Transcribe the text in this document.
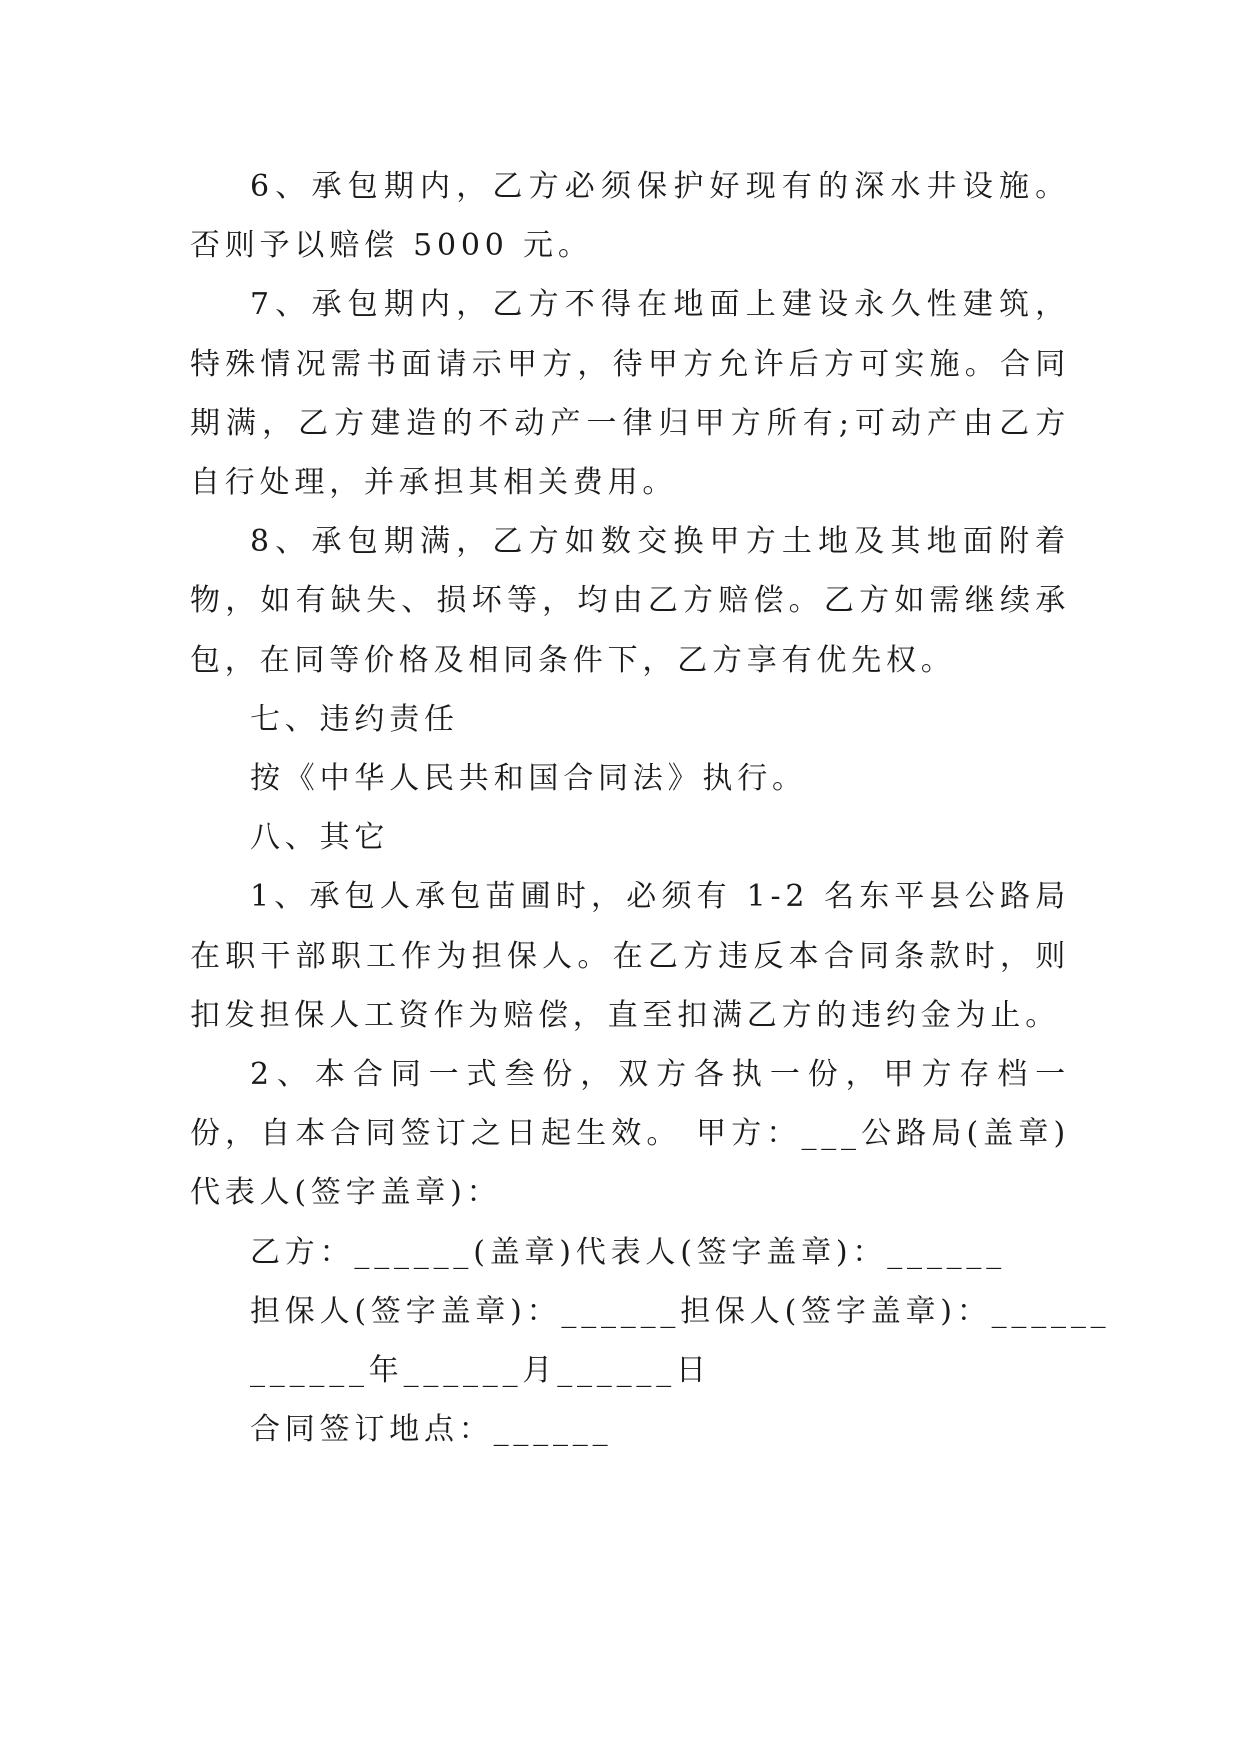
6、承包期内，乙方必须保护好现有的深水井设施。否则予以赔偿 5000 元。

7、承包期内，乙方不得在地面上建设永久性建筑，特殊情况需书面请示甲方，待甲方允许后方可实施。合同期满，乙方建造的不动产一律归甲方所有;可动产由乙方自行处理，并承担其相关费用。

8、承包期满，乙方如数交换甲方土地及其地面附着物，如有缺失、损坏等，均由乙方赔偿。乙方如需继续承包，在同等价格及相同条件下，乙方享有优先权。

七、违约责任

按《中华人民共和国合同法》执行。

八、其它

1、承包人承包苗圃时，必须有 1-2 名东平县公路局在职干部职工作为担保人。在乙方违反本合同条款时，则扣发担保人工资作为赔偿，直至扣满乙方的违约金为止。

2、本合同一式叁份，双方各执一份，甲方存档一份，自本合同签订之日起生效。 甲方：___公路局(盖章)代表人(签字盖章)：

乙方：______(盖章)代表人(签字盖章)：______

担保人(签字盖章)：______担保人(签字盖章)：______

______年______月______日

合同签订地点：______
